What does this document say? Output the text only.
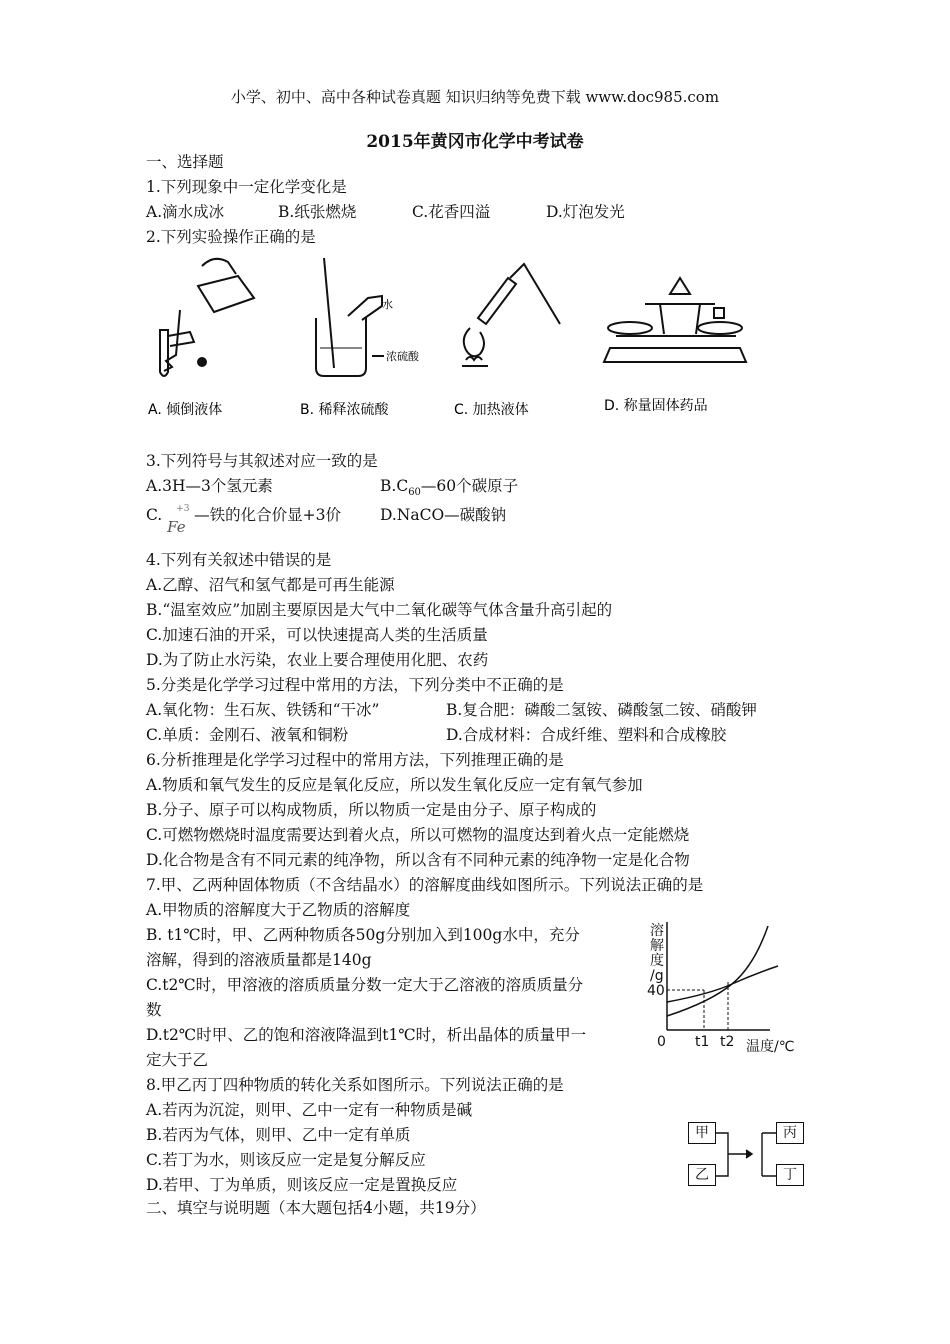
小学、初中、高中各种试卷真题 知识归纳等免费下载 www.doc985.com
2015年黄冈市化学中考试卷
一、选择题
1.下列现象中一定化学变化是
A.滴水成冰	B.纸张燃烧	C.花香四溢	D.灯泡发光
2.下列实验操作正确的是
水
浓硫酸
A. 倾倒液体	B. 稀释浓硫酸	C. 加热液体	D. 称量固体药品
3.下列符号与其叙述对应一致的是
A.3H—3个氢元素	$B.C_{60}—60$个碳原子
C. +3
Fe
—铁的化合价显+3价	D.NaCO—碳酸钠
4.下列有关叙述中错误的是
A.乙醇、沼气和氢气都是可再生能源
B.“温室效应”加剧主要原因是大气中二氧化碳等气体含量升高引起的
C.加速石油的开采，可以快速提高人类的生活质量
D.为了防止水污染，农业上要合理使用化肥、农药
5.分类是化学学习过程中常用的方法，下列分类中不正确的是
A.氧化物：生石灰、铁锈和“干冰”	B.复合肥：磷酸二氢铵、磷酸氢二铵、硝酸钾
C.单质：金刚石、液氧和铜粉	D.合成材料：合成纤维、塑料和合成橡胶
6.分析推理是化学学习过程中的常用方法，下列推理正确的是
A.物质和氧气发生的反应是氧化反应，所以发生氧化反应一定有氧气参加
B.分子、原子可以构成物质，所以物质一定是由分子、原子构成的
C.可燃物燃烧时温度需要达到着火点，所以可燃物的温度达到着火点一定能燃烧
D.化合物是含有不同元素的纯净物，所以含有不同种元素的纯净物一定是化合物
7.甲、乙两种固体物质（不含结晶水）的溶解度曲线如图所示。下列说法正确的是
A.甲物质的溶解度大于乙物质的溶解度
B. t1℃时，甲、乙两种物质各50g分别加入到100g水中，充分
溶解，得到的溶液质量都是140g
C.t2℃时，甲溶液的溶质质量分数一定大于乙溶液的溶质质量分
数
D.t2℃时甲、乙的饱和溶液降温到t1℃时，析出晶体的质量甲一
定大于乙
溶
解
度
/g
40
0 t1 t2 温度/℃
8.甲乙丙丁四种物质的转化关系如图所示。下列说法正确的是
A.若丙为沉淀，则甲、乙中一定有一种物质是碱
B.若丙为气体，则甲、乙中一定有单质
C.若丁为水，则该反应一定是复分解反应
D.若甲、丁为单质，则该反应一定是置换反应
甲
乙
丙
丁
二、填空与说明题（本大题包括4小题，共19分）
